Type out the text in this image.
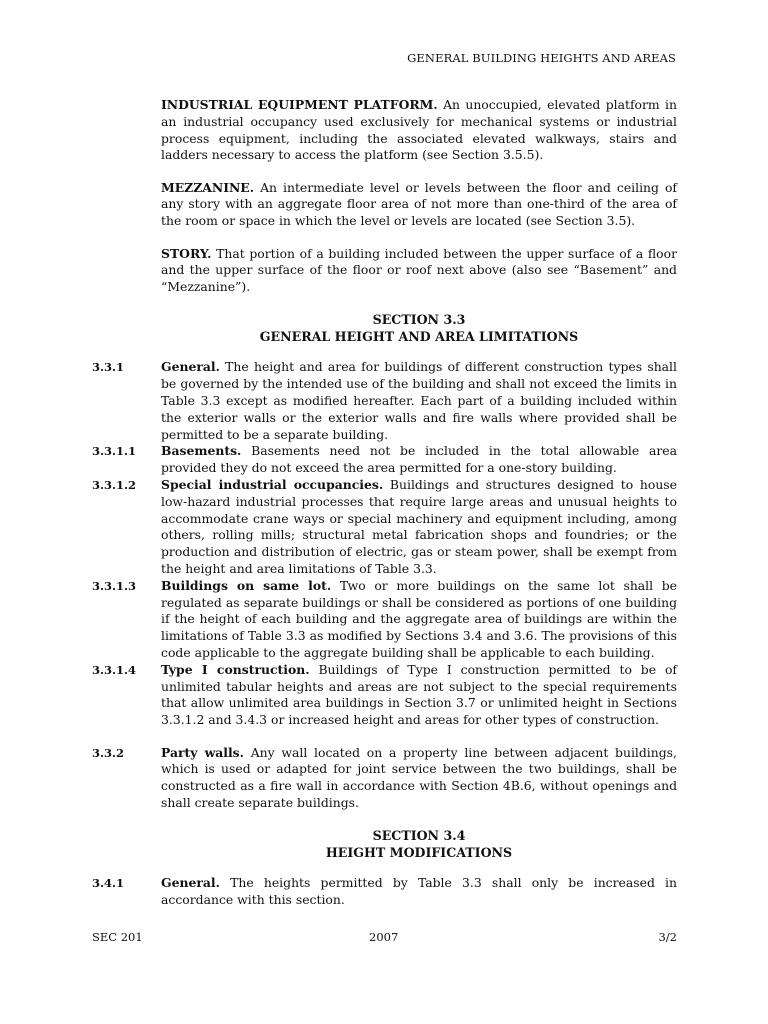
GENERAL BUILDING HEIGHTS AND AREAS

INDUSTRIAL EQUIPMENT PLATFORM. An unoccupied, elevated platform in an industrial occupancy used exclusively for mechanical systems or industrial process equipment, including the associated elevated walkways, stairs and ladders necessary to access the platform (see Section 3.5.5).

MEZZANINE. An intermediate level or levels between the floor and ceiling of any story with an aggregate floor area of not more than one-third of the area of the room or space in which the level or levels are located (see Section 3.5).

STORY. That portion of a building included between the upper surface of a floor and the upper surface of the floor or roof next above (also see “Basement” and “Mezzanine”).

SECTION 3.3
GENERAL HEIGHT AND AREA LIMITATIONS
3.3.1	General. The height and area for buildings of different construction types shall be governed by the intended use of the building and shall not exceed the limits in Table 3.3 except as modified hereafter. Each part of a building included within the exterior walls or the exterior walls and fire walls where provided shall be permitted to be a separate building.
3.3.1.1	Basements. Basements need not be included in the total allowable area provided they do not exceed the area permitted for a one-story building.
3.3.1.2	Special industrial occupancies. Buildings and structures designed to house low-hazard industrial processes that require large areas and unusual heights to accommodate crane ways or special machinery and equipment including, among others, rolling mills; structural metal fabrication shops and foundries; or the production and distribution of electric, gas or steam power, shall be exempt from the height and area limitations of Table 3.3.
3.3.1.3	Buildings on same lot. Two or more buildings on the same lot shall be regulated as separate buildings or shall be considered as portions of one building if the height of each building and the aggregate area of buildings are within the limitations of Table 3.3 as modified by Sections 3.4 and 3.6. The provisions of this code applicable to the aggregate building shall be applicable to each building.
3.3.1.4	Type I construction. Buildings of Type I construction permitted to be of unlimited tabular heights and areas are not subject to the special requirements that allow unlimited area buildings in Section 3.7 or unlimited height in Sections 3.3.1.2 and 3.4.3 or increased height and areas for other types of construction.
3.3.2	Party walls. Any wall located on a property line between adjacent buildings, which is used or adapted for joint service between the two buildings, shall be constructed as a fire wall in accordance with Section 4B.6, without openings and shall create separate buildings.
SECTION 3.4
HEIGHT MODIFICATIONS
3.4.1	General. The heights permitted by Table 3.3 shall only be increased in accordance with this section.
SEC 201	2007	3/2
